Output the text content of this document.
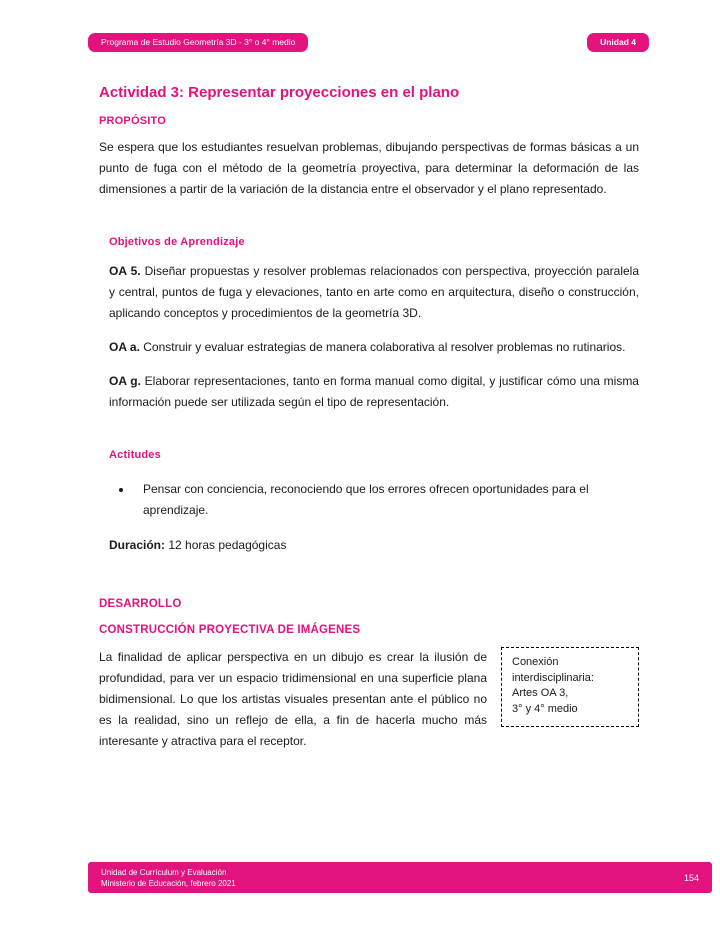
Programa de Estudio Geometría 3D - 3° o 4° medio	Unidad 4
Actividad 3: Representar proyecciones en el plano
PROPÓSITO

Se espera que los estudiantes resuelvan problemas, dibujando perspectivas de formas básicas a un punto de fuga con el método de la geometría proyectiva, para determinar la deformación de las dimensiones a partir de la variación de la distancia entre el observador y el plano representado.

Objetivos de Aprendizaje

OA 5. Diseñar propuestas y resolver problemas relacionados con perspectiva, proyección paralela y central, puntos de fuga y elevaciones, tanto en arte como en arquitectura, diseño o construcción, aplicando conceptos y procedimientos de la geometría 3D.

OA a. Construir y evaluar estrategias de manera colaborativa al resolver problemas no rutinarios.

OA g. Elaborar representaciones, tanto en forma manual como digital, y justificar cómo una misma información puede ser utilizada según el tipo de representación.

Actitudes
• Pensar con conciencia, reconociendo que los errores ofrecen oportunidades para el aprendizaje.

Duración: 12 horas pedagógicas

DESARROLLO
CONSTRUCCIÓN PROYECTIVA DE IMÁGENES
Conexión
interdisciplinaria:
Artes OA 3,
3° y 4° medio

La finalidad de aplicar perspectiva en un dibujo es crear la ilusión de profundidad, para ver un espacio tridimensional en una superficie plana bidimensional. Lo que los artistas visuales presentan ante el público no es la realidad, sino un reflejo de ella, a fin de hacerla mucho más interesante y atractiva para el receptor.

Unidad de Currículum y Evaluación
Ministerio de Educación, febrero 2021
154
